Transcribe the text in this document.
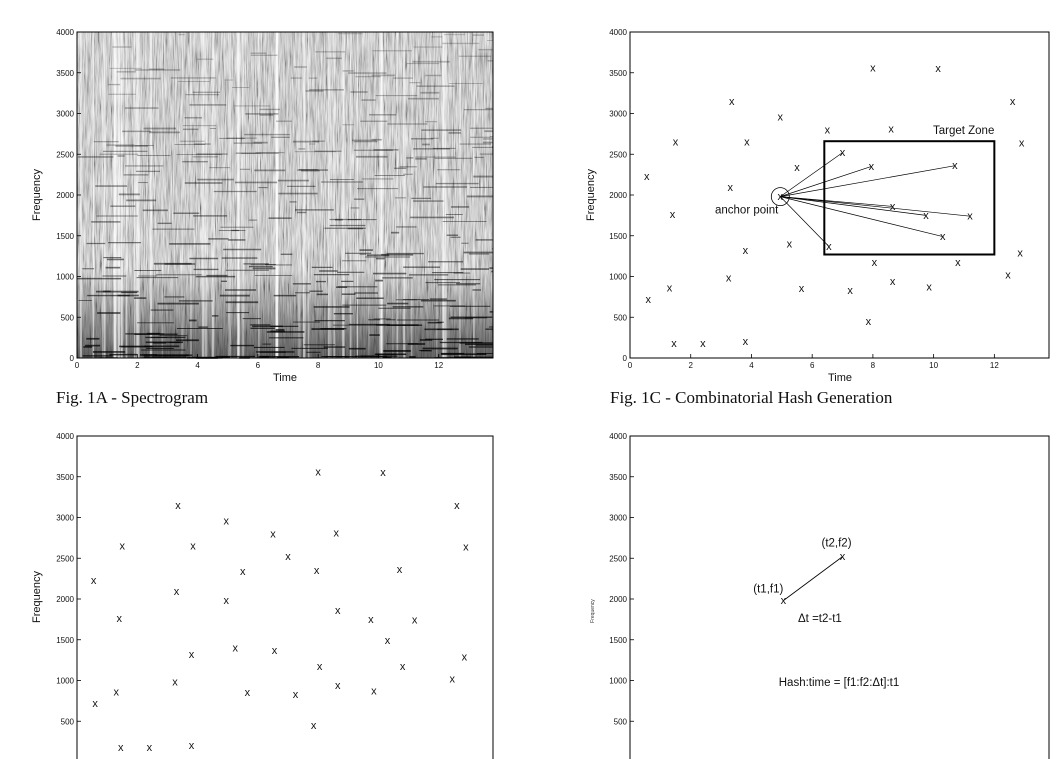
0
500
1000
1500
2000
2500
3000
3500
4000
0	2	4	6	8	10	12
Time
Frequency
Fig. 1A - Spectrogram
0
500
1000
1500
2000
2500
3000
3500
4000
0	2	4	6	8	10	12
Target Zone
anchor point
x
x
x
x
x
x x
x
x
x
x
x
x
x
x
x
x
x
x
x
x
x
x
x
x
x
x
x
x
x
x
x
x
x
x
x
x
x
x
x
Time
Frequency
Fig. 1C - Combinatorial Hash Generation
500
1000
1500
2000
2500
3000
3500
4000
x
x
x
x
x
x x
x
x
x
x
x
x
x
x
x
x
x
x
x
x
x
x
x
x
x
x
x
x
x
x
x
x
x
x
x
x
x
x
x
Frequency
500
1000
1500
2000
2500
3000
3500
4000
x
x
(t1,f1)
(t2,f2)
Δt =t2-t1
Hash:time = [f1:f2:Δt]:t1
Frequency
